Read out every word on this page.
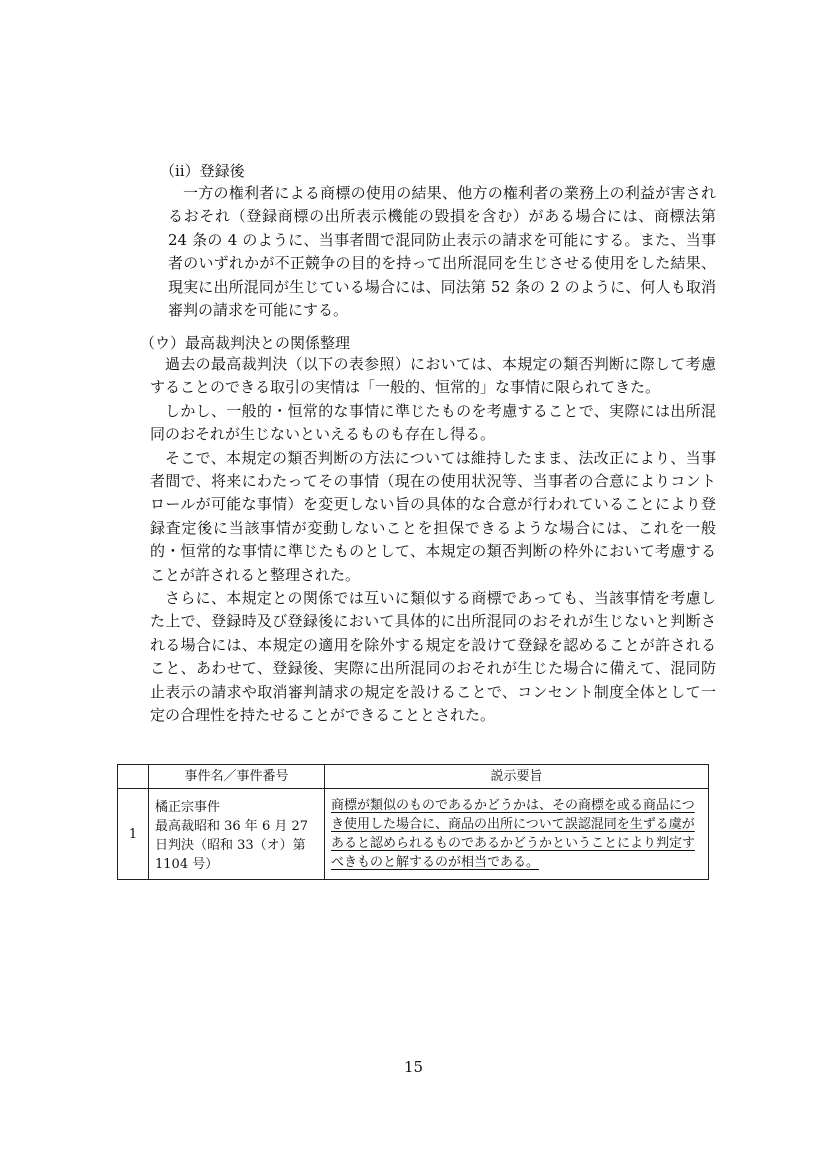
（ⅱ）登録後

一方の権利者による商標の使用の結果、他方の権利者の業務上の利益が害されるおそれ（登録商標の出所表示機能の毀損を含む）がある場合には、商標法第 24 条の 4 のように、当事者間で混同防止表示の請求を可能にする。また、当事者のいずれかが不正競争の目的を持って出所混同を生じさせる使用をした結果、現実に出所混同が生じている場合には、同法第 52 条の 2 のように、何人も取消審判の請求を可能にする。

（ウ）最高裁判決との関係整理

過去の最高裁判決（以下の表参照）においては、本規定の類否判断に際して考慮することのできる取引の実情は「一般的、恒常的」な事情に限られてきた。

しかし、一般的・恒常的な事情に準じたものを考慮することで、実際には出所混同のおそれが生じないといえるものも存在し得る。

そこで、本規定の類否判断の方法については維持したまま、法改正により、当事者間で、将来にわたってその事情（現在の使用状況等、当事者の合意によりコントロールが可能な事情）を変更しない旨の具体的な合意が行われていることにより登録査定後に当該事情が変動しないことを担保できるような場合には、これを一般的・恒常的な事情に準じたものとして、本規定の類否判断の枠外において考慮することが許されると整理された。

さらに、本規定との関係では互いに類似する商標であっても、当該事情を考慮した上で、登録時及び登録後において具体的に出所混同のおそれが生じないと判断される場合には、本規定の適用を除外する規定を設けて登録を認めることが許されること、あわせて、登録後、実際に出所混同のおそれが生じた場合に備えて、混同防止表示の請求や取消審判請求の規定を設けることで、コンセント制度全体として一定の合理性を持たせることができることとされた。

	事件名／事件番号	説示要旨
1	橘正宗事件
最高裁昭和 36 年 6 月 27 日判決（昭和 33（オ）第 1104 号）	商標が類似のものであるかどうかは、その商標を或る商品につき使用した場合に、商品の出所について誤認混同を生ずる虞があると認められるものであるかどうかということにより判定すべきものと解するのが相当である。
15
